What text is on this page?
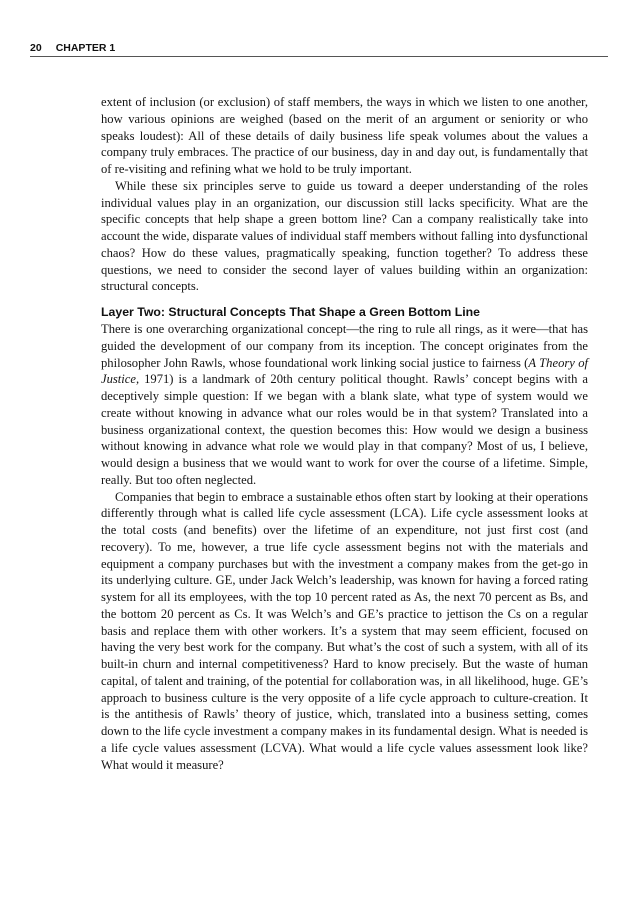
20 CHAPTER 1

extent of inclusion (or exclusion) of staff members, the ways in which we listen to one another, how various opinions are weighed (based on the merit of an argument or seniority or who speaks loudest): All of these details of daily business life speak volumes about the values a company truly embraces. The practice of our business, day in and day out, is fundamentally that of re-visiting and refining what we hold to be truly important.

While these six principles serve to guide us toward a deeper understanding of the roles individual values play in an organization, our discussion still lacks specificity. What are the specific concepts that help shape a green bottom line? Can a company realistically take into account the wide, disparate values of individual staff members without falling into dysfunctional chaos? How do these values, pragmatically speaking, function together? To address these questions, we need to consider the second layer of values building within an organization: structural concepts.

Layer Two: Structural Concepts That Shape a Green Bottom Line

There is one overarching organizational concept—the ring to rule all rings, as it were—that has guided the development of our company from its inception. The concept originates from the philosopher John Rawls, whose foundational work linking social justice to fairness (A Theory of Justice, 1971) is a landmark of 20th century political thought. Rawls’ concept begins with a deceptively simple question: If we began with a blank slate, what type of system would we create without knowing in advance what our roles would be in that system? Translated into a business organizational context, the question becomes this: How would we design a business without knowing in advance what role we would play in that company? Most of us, I believe, would design a business that we would want to work for over the course of a lifetime. Simple, really. But too often neglected.

Companies that begin to embrace a sustainable ethos often start by looking at their operations differently through what is called life cycle assessment (LCA). Life cycle assessment looks at the total costs (and benefits) over the lifetime of an expenditure, not just first cost (and recovery). To me, however, a true life cycle assessment begins not with the materials and equipment a company purchases but with the investment a company makes from the get-go in its underlying culture. GE, under Jack Welch’s leadership, was known for having a forced rating system for all its employees, with the top 10 percent rated as As, the next 70 percent as Bs, and the bottom 20 percent as Cs. It was Welch’s and GE’s practice to jettison the Cs on a regular basis and replace them with other workers. It’s a system that may seem efficient, focused on having the very best work for the company. But what’s the cost of such a system, with all of its built-in churn and internal competitiveness? Hard to know precisely. But the waste of human capital, of talent and training, of the potential for collaboration was, in all likelihood, huge. GE’s approach to business culture is the very opposite of a life cycle approach to culture-creation. It is the antithesis of Rawls’ theory of justice, which, translated into a business setting, comes down to the life cycle investment a company makes in its fundamental design. What is needed is a life cycle values assessment (LCVA). What would a life cycle values assessment look like? What would it measure?
